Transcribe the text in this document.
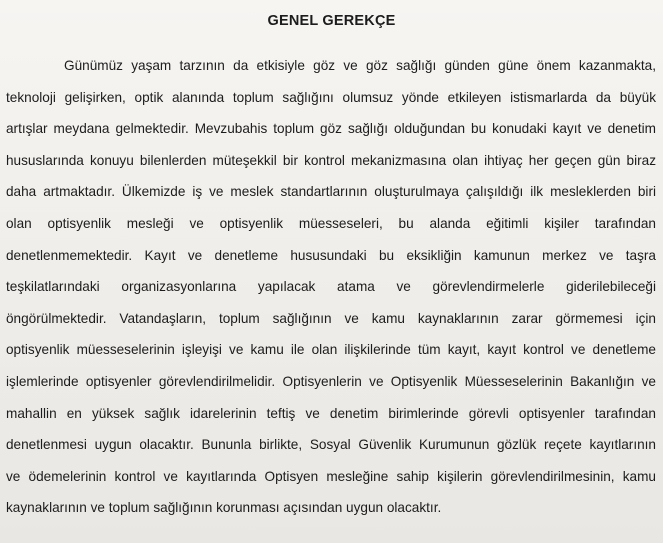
GENEL GEREKÇE
Günümüz yaşam tarzının da etkisiyle göz ve göz sağlığı günden güne önem kazanmakta,
teknoloji gelişirken, optik alanında toplum sağlığını olumsuz yönde etkileyen istismarlarda da büyük
artışlar meydana gelmektedir. Mevzubahis toplum göz sağlığı olduğundan bu konudaki kayıt ve denetim
hususlarında konuyu bilenlerden müteşekkil bir kontrol mekanizmasına olan ihtiyaç her geçen gün biraz
daha artmaktadır. Ülkemizde iş ve meslek standartlarının oluşturulmaya çalışıldığı ilk mesleklerden biri
olan optisyenlik mesleği ve optisyenlik müesseseleri, bu alanda eğitimli kişiler tarafından
denetlenmemektedir. Kayıt ve denetleme hususundaki bu eksikliğin kamunun merkez ve taşra
teşkilatlarındaki organizasyonlarına yapılacak atama ve görevlendirmelerle giderilebileceği
öngörülmektedir. Vatandaşların, toplum sağlığının ve kamu kaynaklarının zarar görmemesi için
optisyenlik müesseselerinin işleyişi ve kamu ile olan ilişkilerinde tüm kayıt, kayıt kontrol ve denetleme
işlemlerinde optisyenler görevlendirilmelidir. Optisyenlerin ve Optisyenlik Müesseselerinin Bakanlığın ve
mahallin en yüksek sağlık idarelerinin teftiş ve denetim birimlerinde görevli optisyenler tarafından
denetlenmesi uygun olacaktır. Bununla birlikte, Sosyal Güvenlik Kurumunun gözlük reçete kayıtlarının
ve ödemelerinin kontrol ve kayıtlarında Optisyen mesleğine sahip kişilerin görevlendirilmesinin, kamu
kaynaklarının ve toplum sağlığının korunması açısından uygun olacaktır.
